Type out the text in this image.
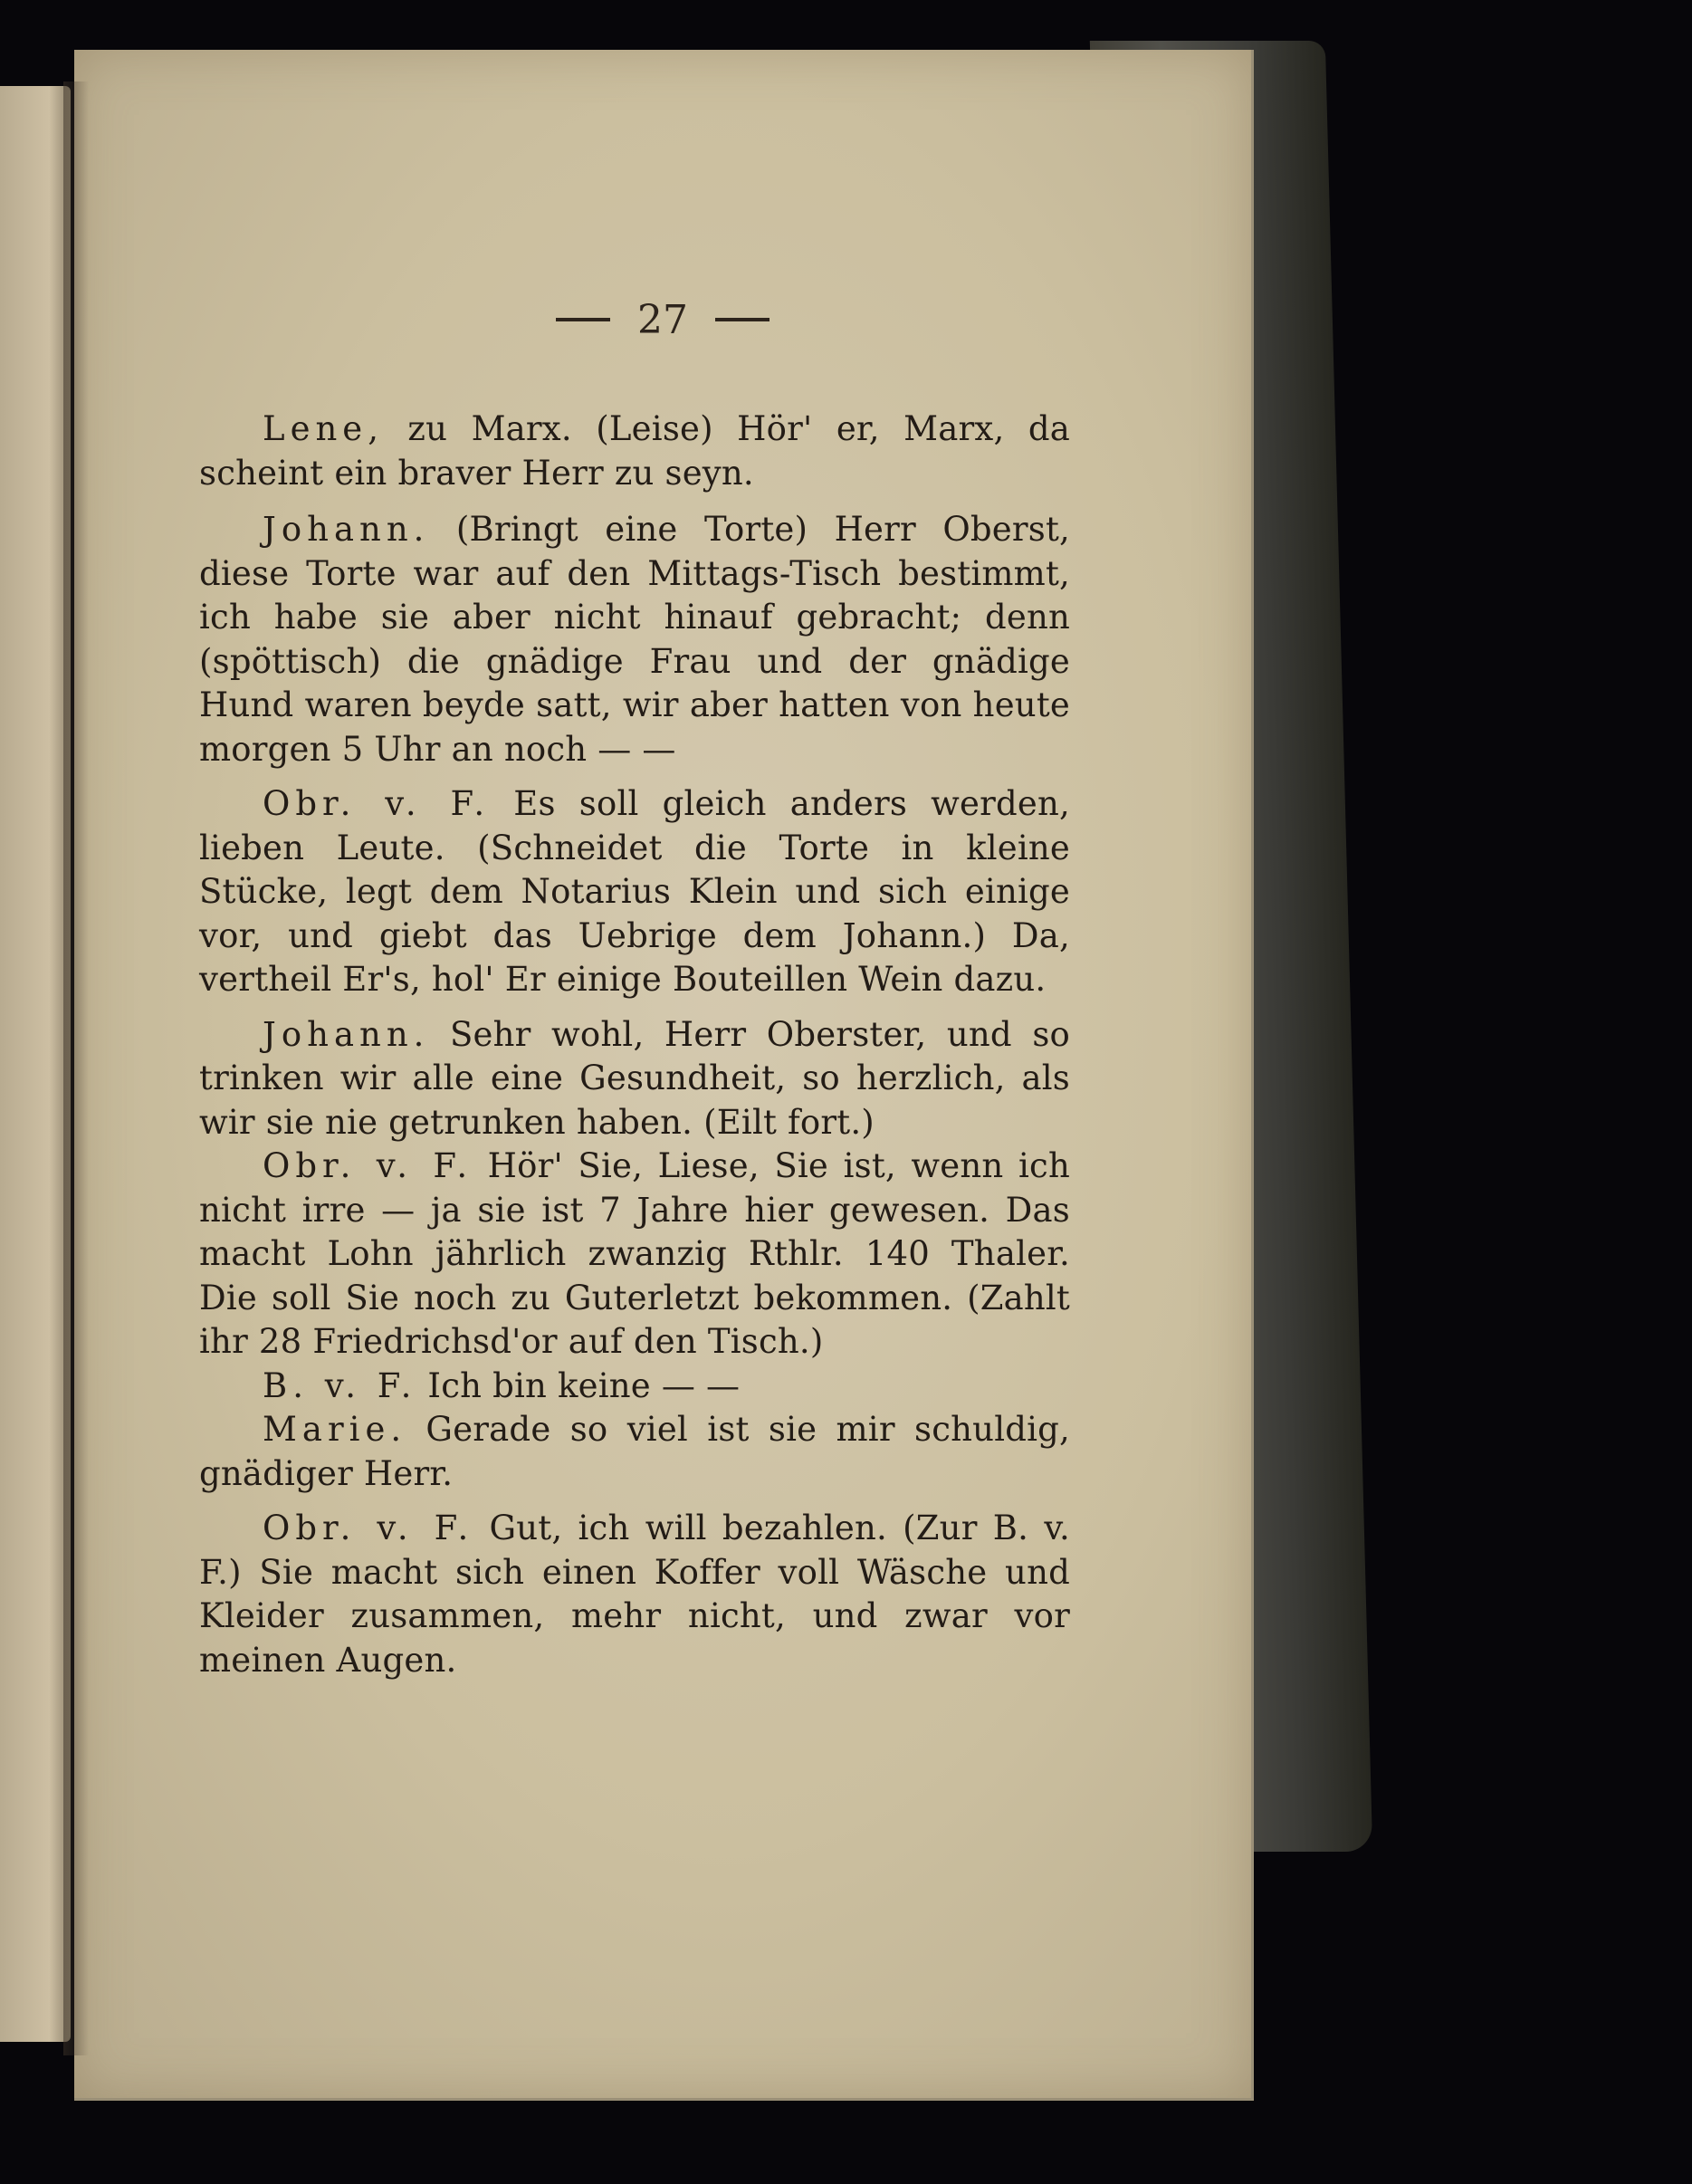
27

Lene, zu Marx. (Leise) Hör' er, Marx, da scheint ein braver Herr zu seyn.

Johann. (Bringt eine Torte) Herr Oberst, diese Torte war auf den Mittags-Tisch bestimmt, ich habe sie aber nicht hinauf gebracht; denn (spöttisch) die gnädige Frau und der gnädige Hund waren beyde satt, wir aber hatten von heute morgen 5 Uhr an noch — —

Obr. v. F. Es soll gleich anders werden, lieben Leute. (Schneidet die Torte in kleine Stücke, legt dem Notarius Klein und sich einige vor, und giebt das Uebrige dem Johann.) Da, vertheil Er's, hol' Er einige Bouteillen Wein dazu.

Johann. Sehr wohl, Herr Oberster, und so trinken wir alle eine Gesundheit, so herzlich, als wir sie nie getrunken haben. (Eilt fort.)

Obr. v. F. Hör' Sie, Liese, Sie ist, wenn ich nicht irre — ja sie ist 7 Jahre hier gewesen. Das macht Lohn jährlich zwanzig Rthlr. 140 Thaler. Die soll Sie noch zu Guterletzt bekommen. (Zahlt ihr 28 Friedrichsd'or auf den Tisch.)

B. v. F. Ich bin keine — —

Marie. Gerade so viel ist sie mir schuldig, gnädiger Herr.

Obr. v. F. Gut, ich will bezahlen. (Zur B. v. F.) Sie macht sich einen Koffer voll Wäsche und Kleider zusammen, mehr nicht, und zwar vor meinen Augen.
